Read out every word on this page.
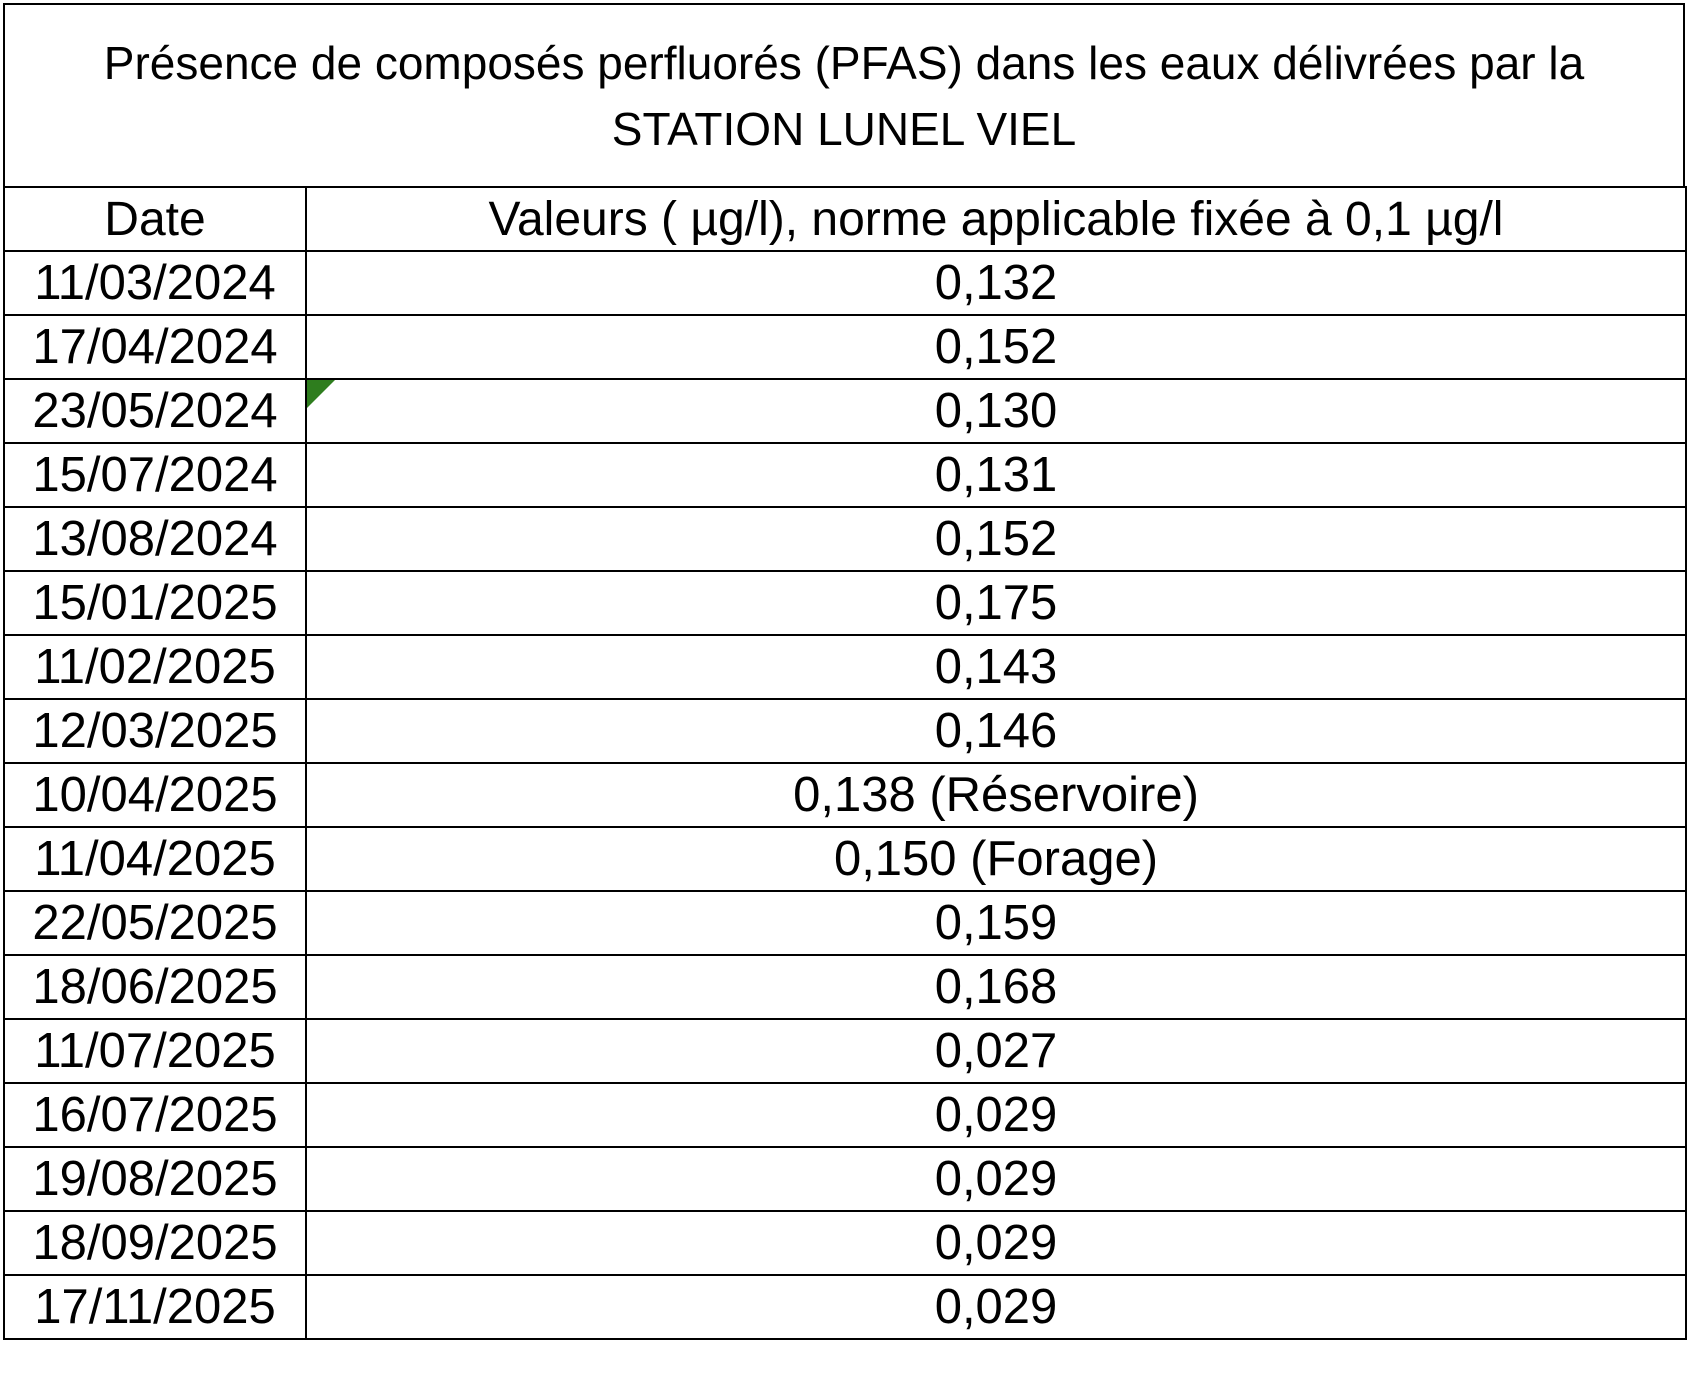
Présence de composés perfluorés (PFAS) dans les eaux délivrées par la
STATION LUNEL VIEL
Date	Valeurs ( µg/l), norme applicable fixée à 0,1 µg/l
11/03/2024	0,132
17/04/2024	0,152
23/05/2024	0,130

15/07/2024	0,131
13/08/2024	0,152
15/01/2025	0,175
11/02/2025	0,143
12/03/2025	0,146
10/04/2025	0,138 (Réservoire)
11/04/2025	0,150 (Forage)
22/05/2025	0,159
18/06/2025	0,168
11/07/2025	0,027
16/07/2025	0,029
19/08/2025	0,029
18/09/2025	0,029
17/11/2025	0,029
